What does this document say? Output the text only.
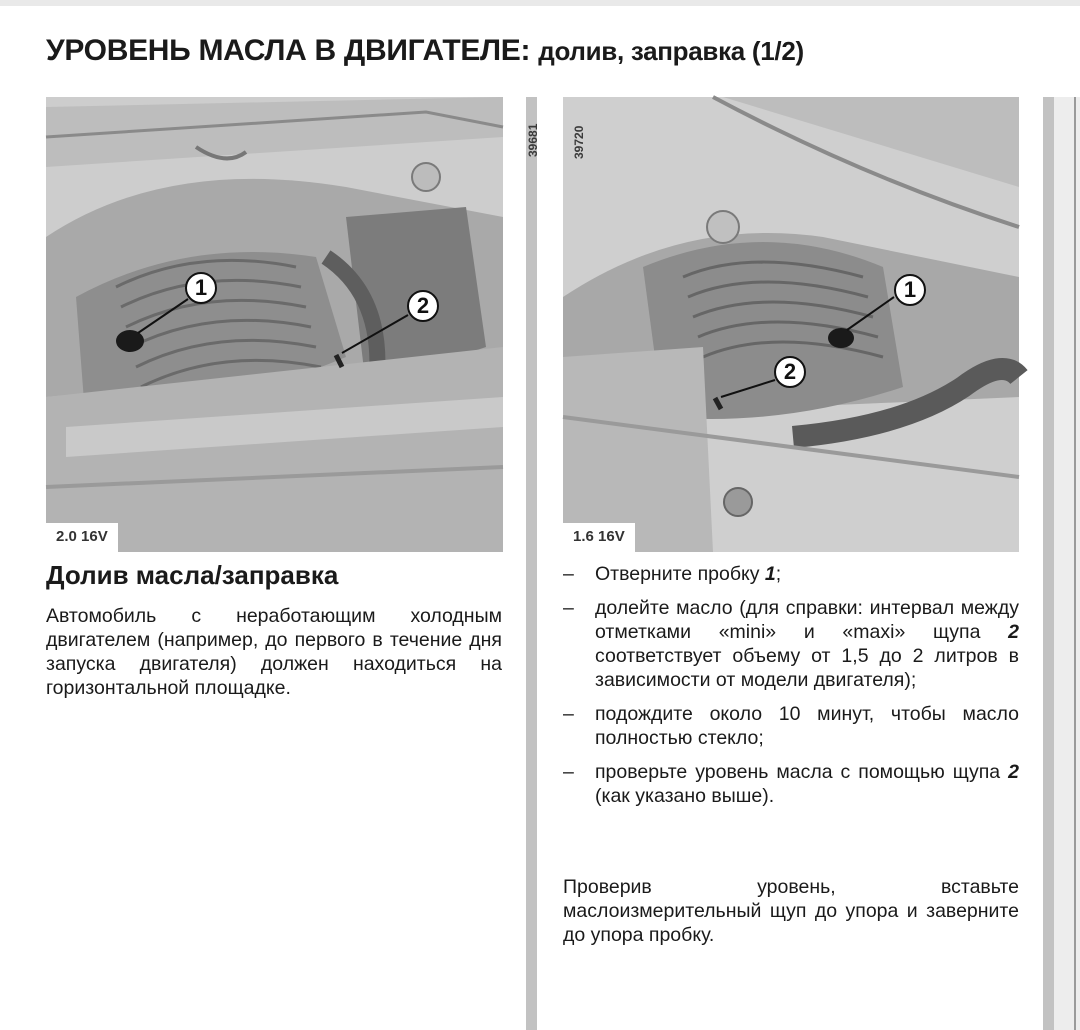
УРОВЕНЬ МАСЛА В ДВИГАТЕЛЕ: долив, заправка (1/2)
1
2
39681
2.0 16V
1
2
39720
1.6 16V
Долив масла/заправка

Автомобиль с неработающим холодным двигателем (например, до первого в течение дня запуска двигателя) должен находиться на горизонтальной площадке.

– Отверните пробку 1;
– долейте масло (для справки: интервал между отметками «mini» и «maxi» щупа 2 соответствует объему от 1,5 до 2 литров в зависимости от модели двигателя);
– подождите около 10 минут, чтобы масло полностью стекло;
– проверьте уровень масла с помощью щупа 2 (как указано выше).

Проверив уровень, вставьте маслоизмерительный щуп до упора и заверните до упора пробку.
